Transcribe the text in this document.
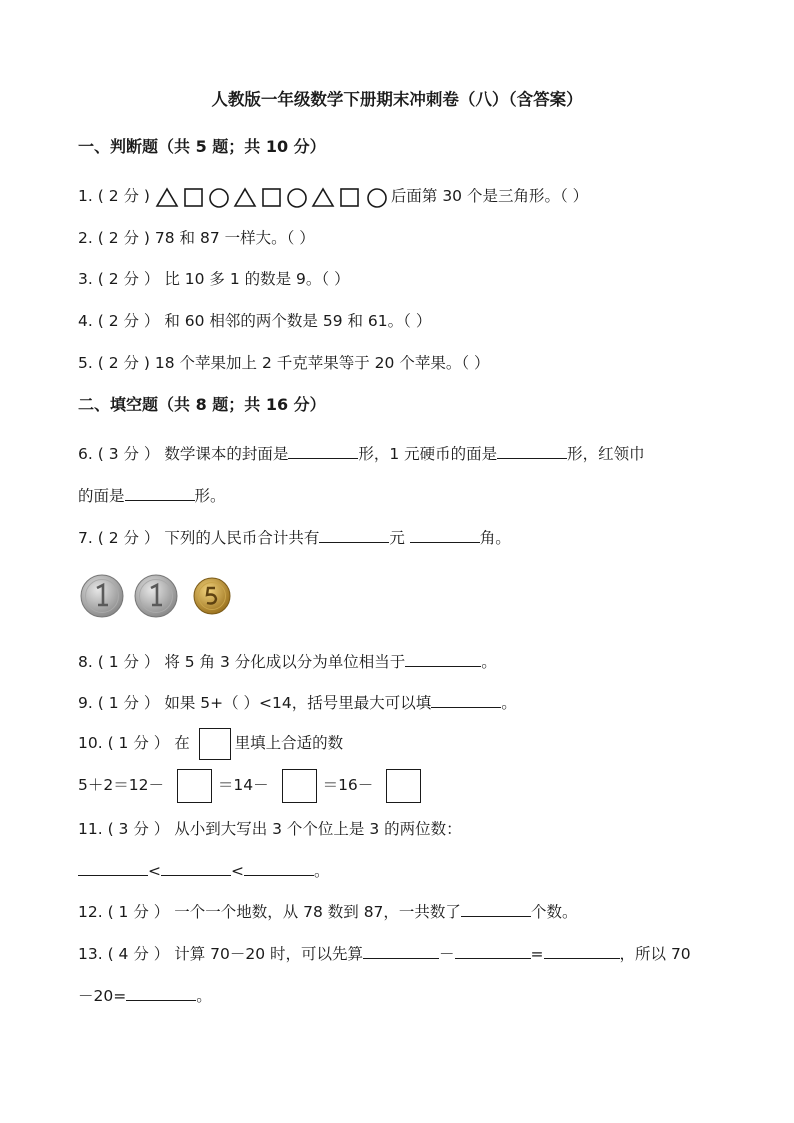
人教版一年级数学下册期末冲刺卷（八）（含答案）
一、判断题（共 5 题；共 10 分）
1. ( 2 分 )	后面第 30 个是三角形。（ ）
2. ( 2 分 ) 78 和 87 一样大。（ ）
3. ( 2 分 ） 比 10 多 1 的数是 9。（ ）
4. ( 2 分 ） 和 60 相邻的两个数是 59 和 61。（ ）
5. ( 2 分 ) 18 个苹果加上 2 千克苹果等于 20 个苹果。（ ）
二、填空题（共 8 题；共 16 分）
6. ( 3 分 ） 数学课本的封面是	形，1 元硬币的面是	形，红领巾
的面是	形。
7. ( 2 分 ） 下列的人民币合计共有	元	角。
8. ( 1 分 ） 将 5 角 3 分化成以分为单位相当于	。
9. ( 1 分 ） 如果 5+（ ）<14，括号里最大可以填	。
10. ( 1 分 ） 在	里填上合适的数
5＋2＝12－	＝14－	＝16－
11. ( 3 分 ） 从小到大写出 3 个个位上是 3 的两位数：
<	<	。
12. ( 1 分 ） 一个一个地数，从 78 数到 87，一共数了	个数。
13. ( 4 分 ） 计算 70－20 时，可以先算	－	=	，所以 70
－20=	。
